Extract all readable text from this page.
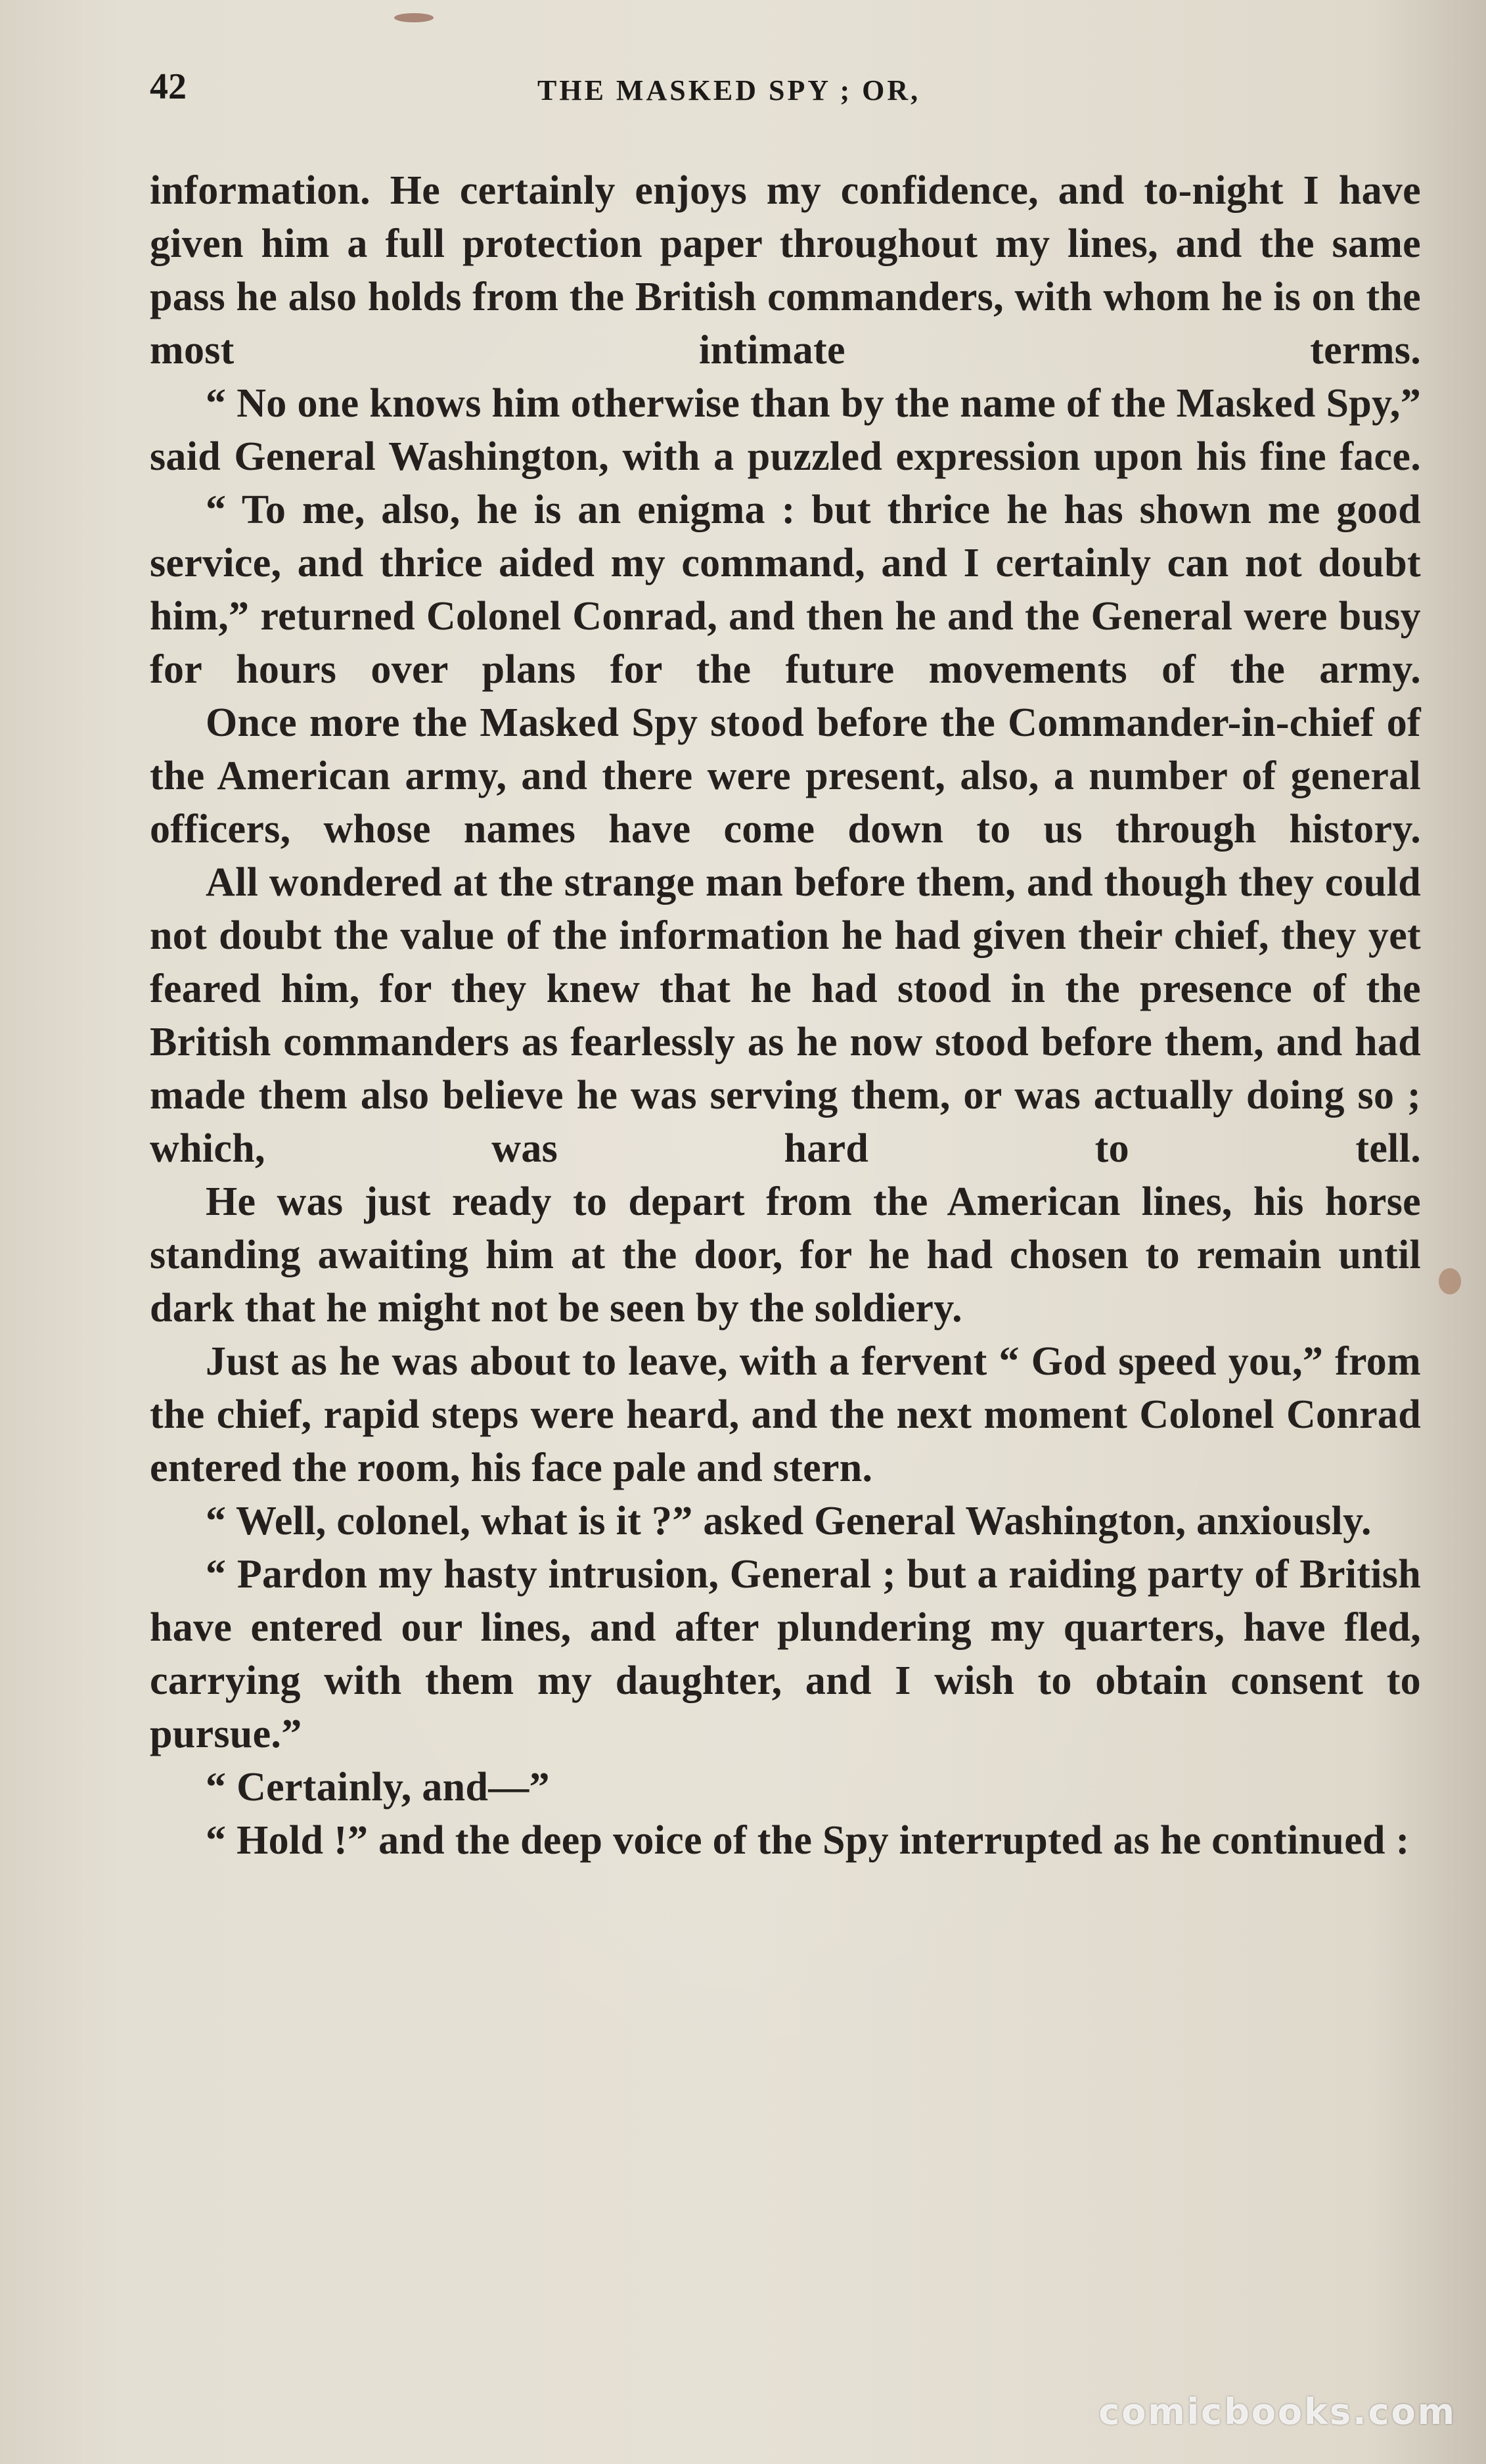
42	THE MASKED SPY ; OR,

information. He certainly enjoys my confidence, and to-night I have given him a full protection paper throughout my lines, and the same pass he also holds from the British commanders, with whom he is on the most intimate terms.

“ No one knows him otherwise than by the name of the Masked Spy,” said General Washington, with a puzzled expression upon his fine face.

“ To me, also, he is an enigma : but thrice he has shown me good service, and thrice aided my command, and I certainly can not doubt him,” returned Colonel Conrad, and then he and the General were busy for hours over plans for the future movements of the army.

Once more the Masked Spy stood before the Commander-in-chief of the American army, and there were present, also, a number of general officers, whose names have come down to us through history.

All wondered at the strange man before them, and though they could not doubt the value of the information he had given their chief, they yet feared him, for they knew that he had stood in the presence of the British commanders as fearlessly as he now stood before them, and had made them also believe he was serving them, or was actually doing so ; which, was hard to tell.

He was just ready to depart from the American lines, his horse standing awaiting him at the door, for he had chosen to remain until dark that he might not be seen by the soldiery.

Just as he was about to leave, with a fervent “ God speed you,” from the chief, rapid steps were heard, and the next moment Colonel Conrad entered the room, his face pale and stern.

“ Well, colonel, what is it ?” asked General Washington, anxiously.

“ Pardon my hasty intrusion, General ; but a raiding party of British have entered our lines, and after plundering my quarters, have fled, carrying with them my daughter, and I wish to obtain consent to pursue.”

“ Certainly, and—”

“ Hold !” and the deep voice of the Spy interrupted as he continued :

comicbooks.com
